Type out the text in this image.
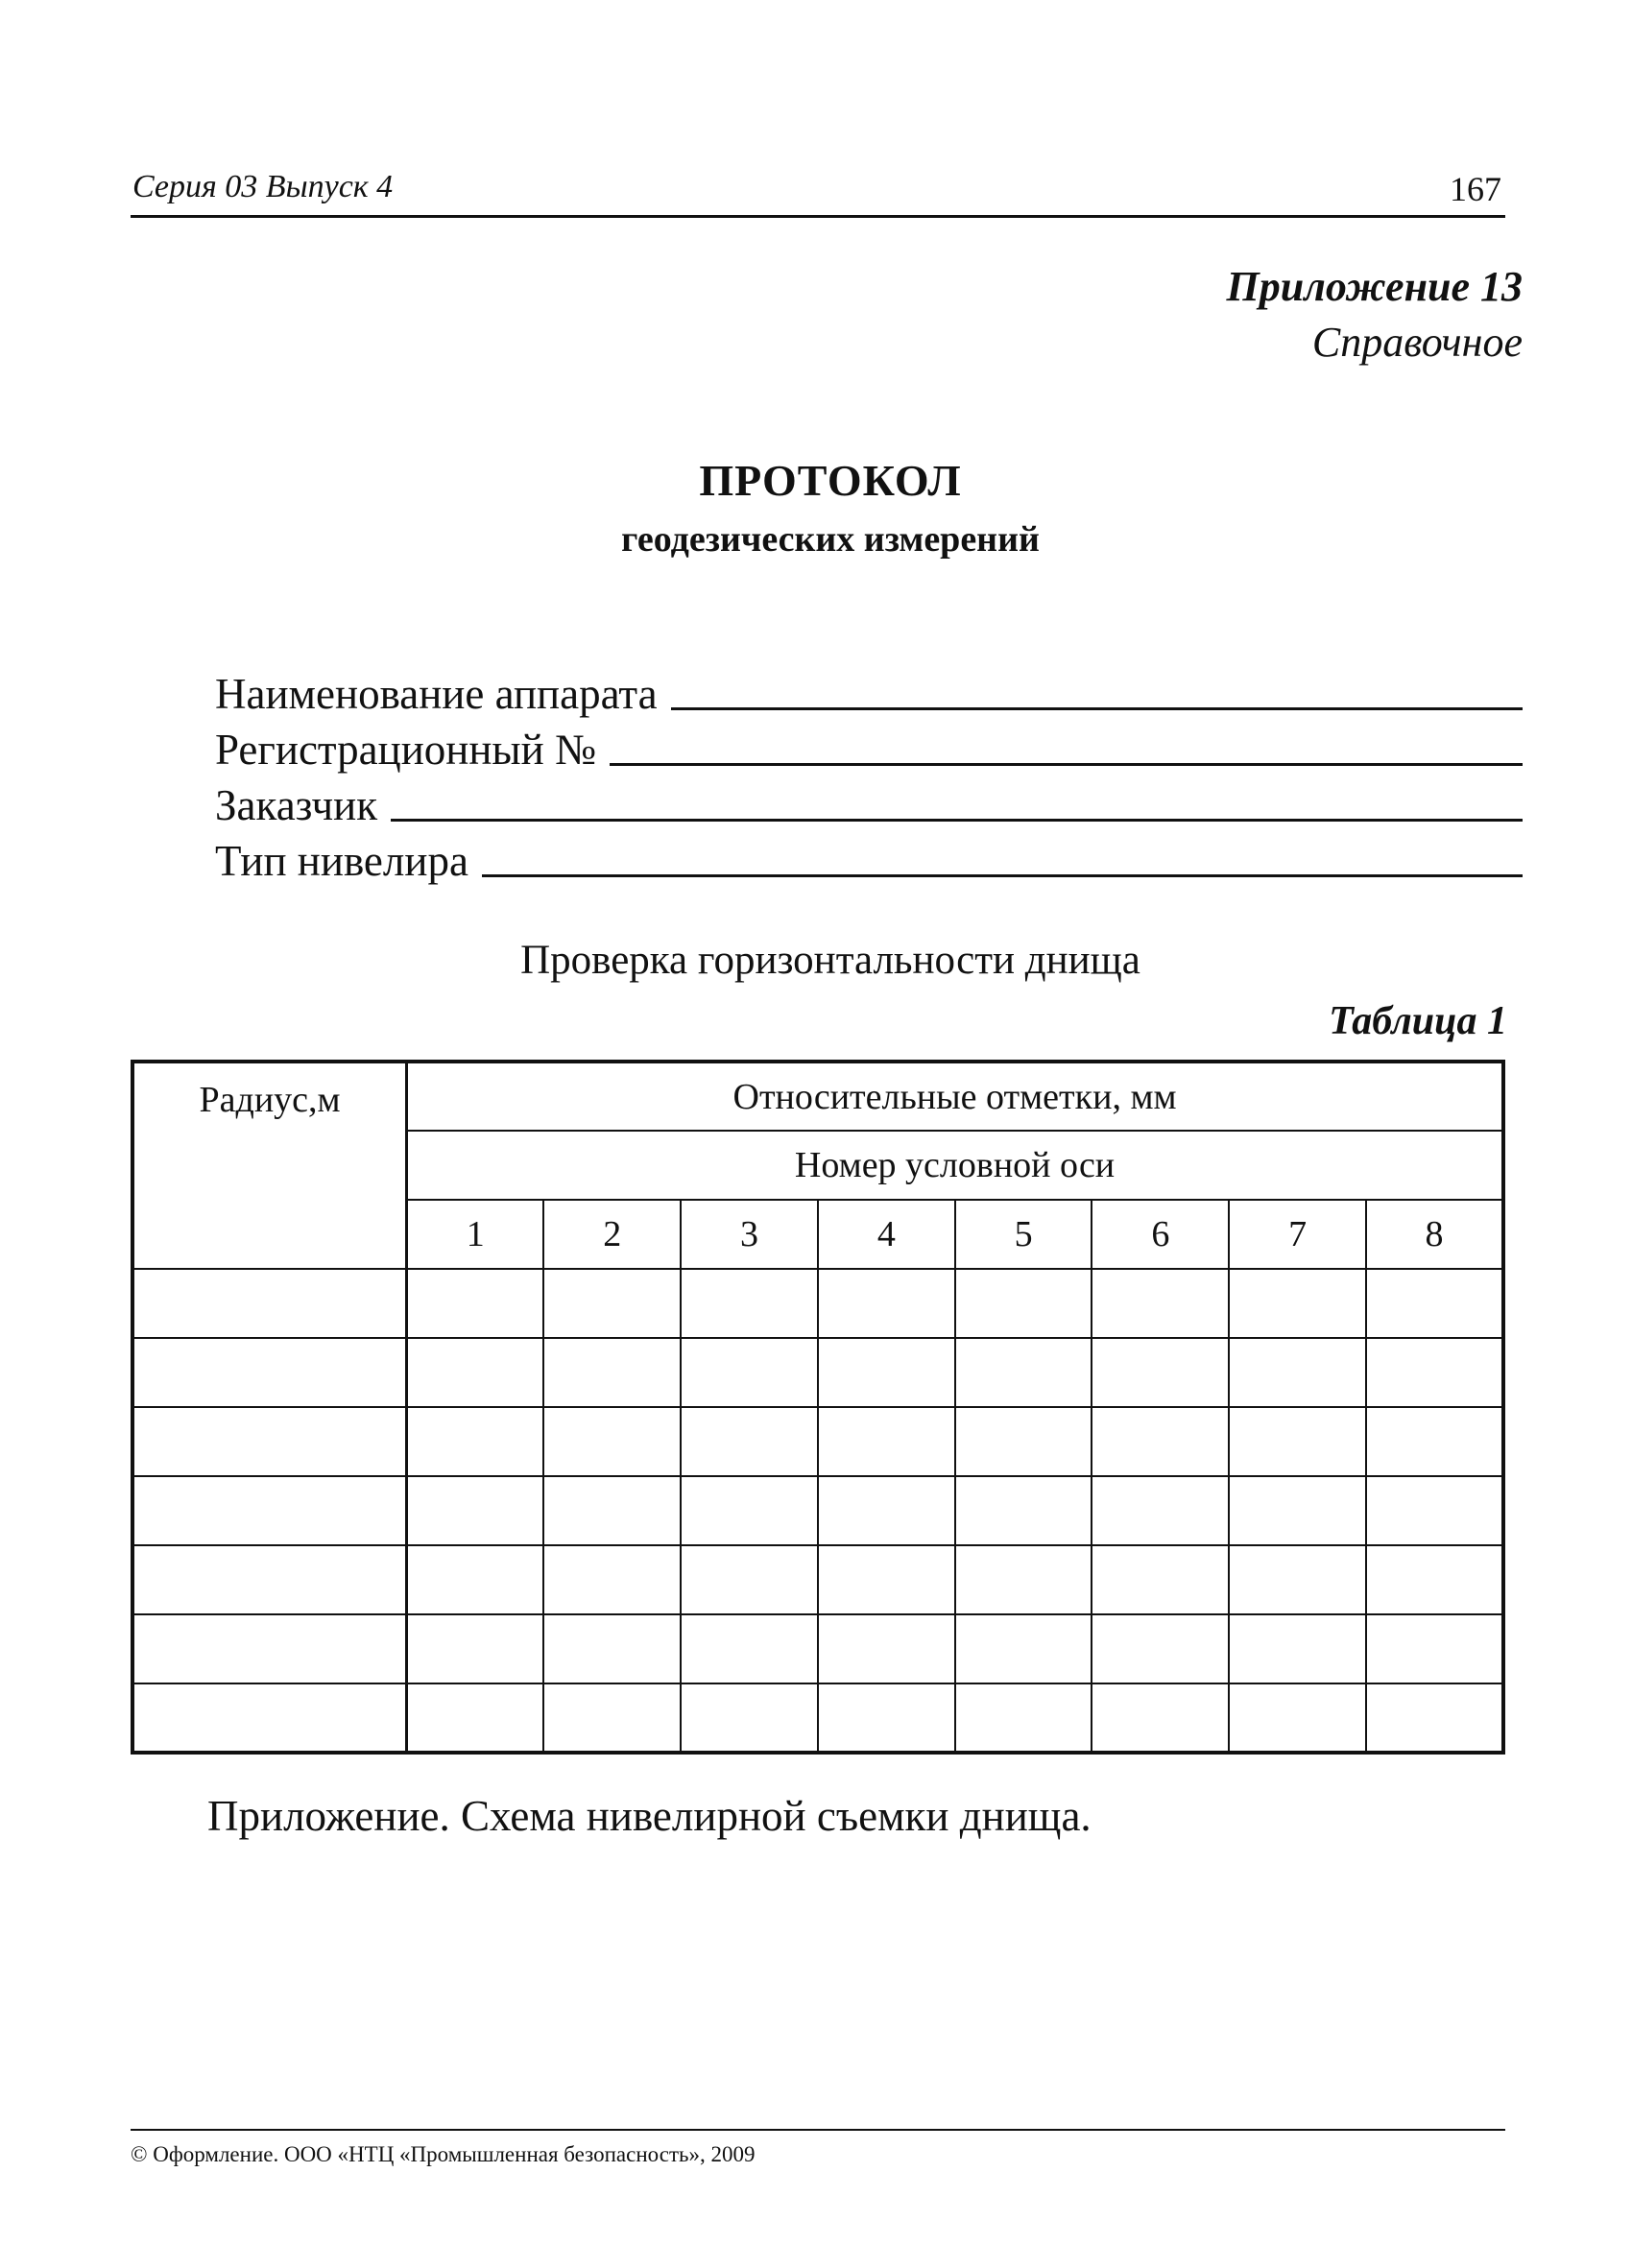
Серия 03 Выпуск 4	167
Приложение 13
Справочное
ПРОТОКОЛ
геодезических измерений
Наименование аппарата
Регистрационный №
Заказчик
Тип нивелира
Проверка горизонтальности днища
Таблица 1
Радиус,м	Относительные отметки, мм							
	Номер условной оси							
	1	2	3	4	5	6	7	8

Приложение. Схема нивелирной съемки днища.
© Оформление. ООО «НТЦ «Промышленная безопасность», 2009
